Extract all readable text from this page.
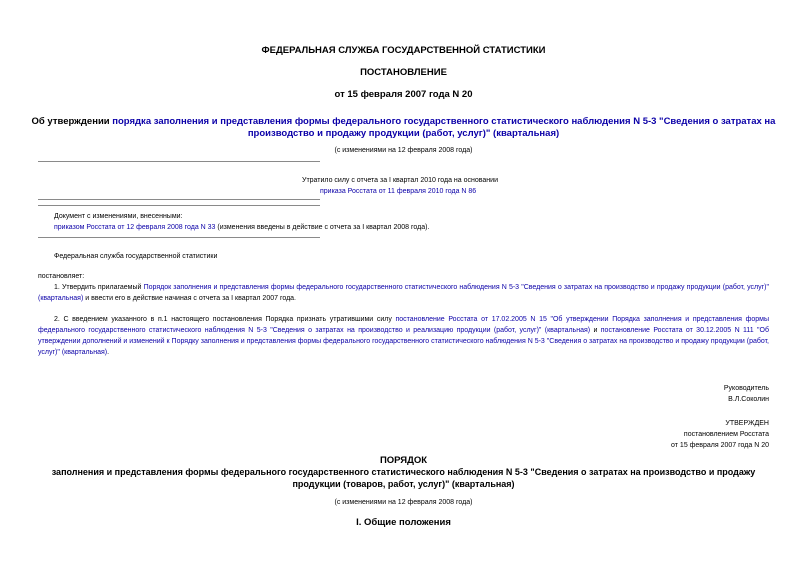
ФЕДЕРАЛЬНАЯ СЛУЖБА ГОСУДАРСТВЕННОЙ СТАТИСТИКИ
ПОСТАНОВЛЕНИЕ
от 15 февраля 2007 года N 20
Об утверждении порядка заполнения и представления формы федерального государственного статистического наблюдения N 5-3 "Сведения о затратах на
производство и продажу продукции (работ, услуг)" (квартальная)
(с изменениями на 12 февраля 2008 года)
Утратило силу с отчета за I квартал 2010 года на основании
приказа Росстата от 11 февраля 2010 года N 86
Документ с изменениями, внесенными:
приказом Росстата от 12 февраля 2008 года N 33 (изменения введены в действие с отчета за I квартал 2008 года).
Федеральная служба государственной статистики
постановляет:
1. Утвердить прилагаемый Порядок заполнения и представления формы федерального государственного статистического наблюдения N 5-3 "Сведения о затратах на производство и продажу продукции (работ, услуг)" (квартальная) и ввести его в действие начиная с отчета за I квартал 2007 года.
2. С введением указанного в п.1 настоящего постановления Порядка признать утратившими силу постановление Росстата от 17.02.2005 N 15 "Об утверждении Порядка заполнения и представления формы федерального государственного статистического наблюдения N 5-3 "Сведения о затратах на производство и реализацию продукции (работ, услуг)" (квартальная) и постановление Росстата от 30.12.2005 N 111 "Об утверждении дополнений и изменений к Порядку заполнения и представления формы федерального государственного статистического наблюдения N 5-3 "Сведения о затратах на производство и продажу продукции (работ, услуг)" (квартальная).
Руководитель
В.Л.Соколин
УТВЕРЖДЕН
постановлением Росстата
от 15 февраля 2007 года N 20
ПОРЯДОК
заполнения и представления формы федерального государственного статистического наблюдения N 5-3 "Сведения о затратах на производство и продажу
продукции (товаров, работ, услуг)" (квартальная)
(с изменениями на 12 февраля 2008 года)
I. Общие положения
